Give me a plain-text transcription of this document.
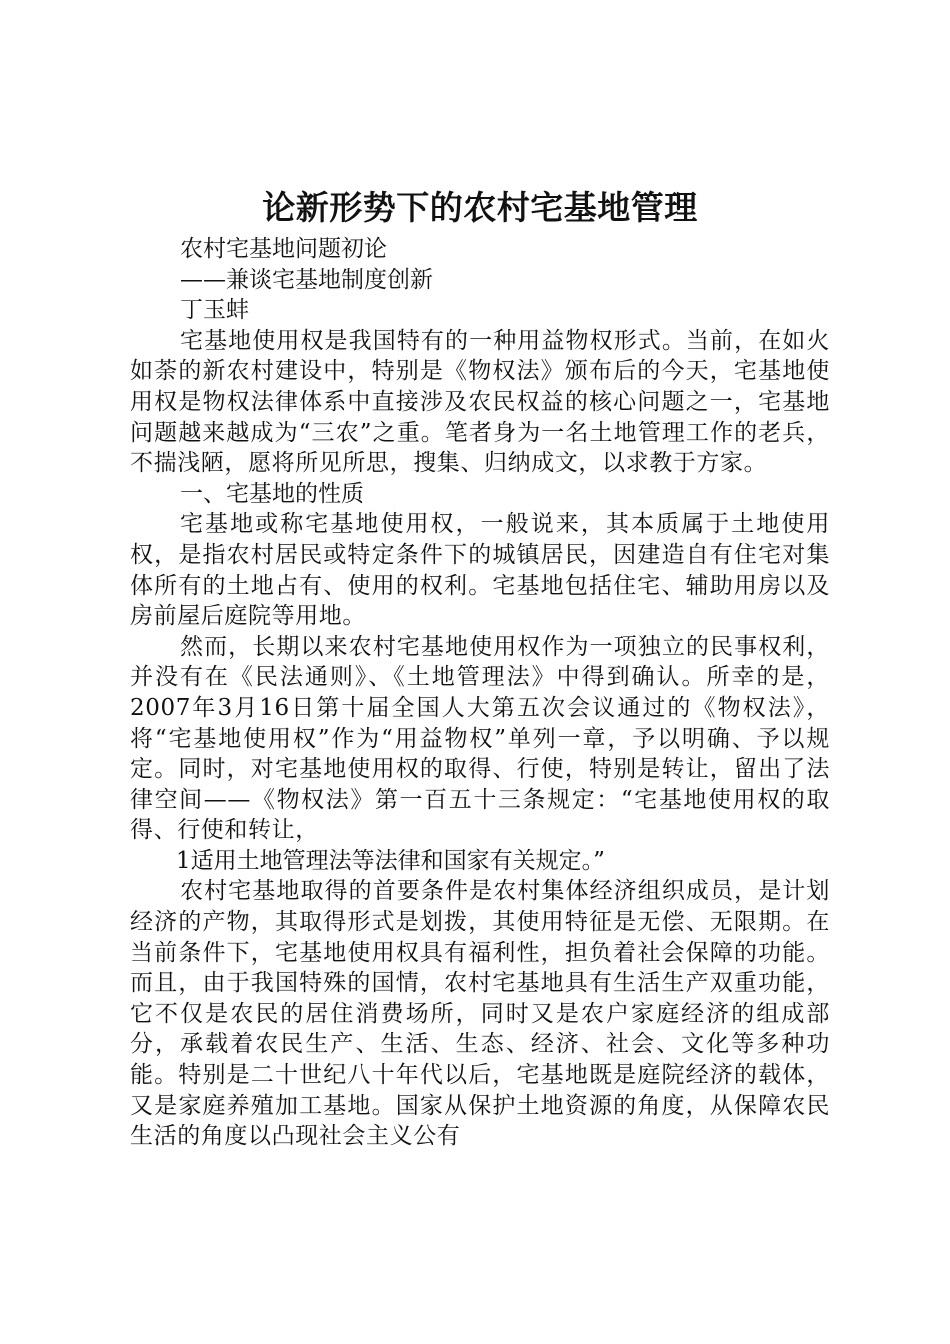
论新形势下的农村宅基地管理

农村宅基地问题初论

——兼谈宅基地制度创新

丁玉蚌

宅基地使用权是我国特有的一种用益物权形式。当前，在如火如荼的新农村建设中，特别是《物权法》颁布后的今天，宅基地使用权是物权法律体系中直接涉及农民权益的核心问题之一，宅基地问题越来越成为“三农”之重。笔者身为一名土地管理工作的老兵，不揣浅陋，愿将所见所思，搜集、归纳成文，以求教于方家。

一、宅基地的性质

宅基地或称宅基地使用权，一般说来，其本质属于土地使用权，是指农村居民或特定条件下的城镇居民，因建造自有住宅对集体所有的土地占有、使用的权利。宅基地包括住宅、辅助用房以及房前屋后庭院等用地。

然而，长期以来农村宅基地使用权作为一项独立的民事权利，并没有在《民法通则》、《土地管理法》中得到确认。所幸的是，2007年3月16日第十届全国人大第五次会议通过的《物权法》，将“宅基地使用权”作为“用益物权”单列一章，予以明确、予以规定。同时，对宅基地使用权的取得、行使，特别是转让，留出了法律空间——《物权法》第一百五十三条规定：“宅基地使用权的取得、行使和转让，

1适用土地管理法等法律和国家有关规定。”

农村宅基地取得的首要条件是农村集体经济组织成员，是计划经济的产物，其取得形式是划拨，其使用特征是无偿、无限期。在当前条件下，宅基地使用权具有福利性，担负着社会保障的功能。而且，由于我国特殊的国情，农村宅基地具有生活生产双重功能，它不仅是农民的居住消费场所，同时又是农户家庭经济的组成部分，承载着农民生产、生活、生态、经济、社会、文化等多种功能。特别是二十世纪八十年代以后，宅基地既是庭院经济的载体，又是家庭养殖加工基地。国家从保护土地资源的角度，从保障农民生活的角度以凸现社会主义公有
